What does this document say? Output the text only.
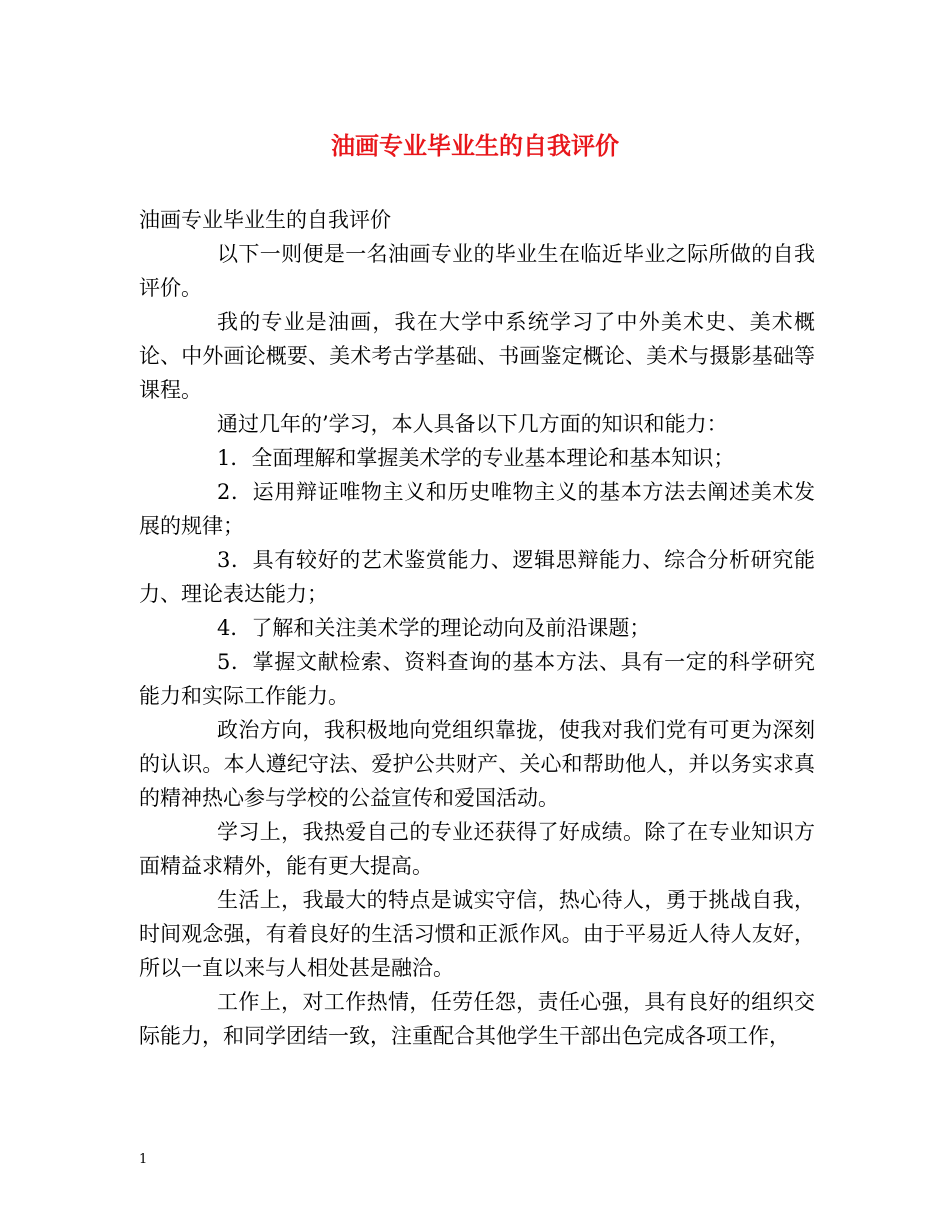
油画专业毕业生的自我评价

油画专业毕业生的自我评价

以下一则便是一名油画专业的毕业生在临近毕业之际所做的自我评价。

我的专业是油画，我在大学中系统学习了中外美术史、美术概论、中外画论概要、美术考古学基础、书画鉴定概论、美术与摄影基础等课程。

通过几年的’学习，本人具备以下几方面的知识和能力：

1．全面理解和掌握美术学的专业基本理论和基本知识；

2．运用辩证唯物主义和历史唯物主义的基本方法去阐述美术发展的规律；

3．具有较好的艺术鉴赏能力、逻辑思辩能力、综合分析研究能力、理论表达能力；

4．了解和关注美术学的理论动向及前沿课题；

5．掌握文献检索、资料查询的基本方法、具有一定的科学研究能力和实际工作能力。

政治方向，我积极地向党组织靠拢，使我对我们党有可更为深刻的认识。本人遵纪守法、爱护公共财产、关心和帮助他人，并以务实求真的精神热心参与学校的公益宣传和爱国活动。

学习上，我热爱自己的专业还获得了好成绩。除了在专业知识方面精益求精外，能有更大提高。

生活上，我最大的特点是诚实守信，热心待人，勇于挑战自我，时间观念强，有着良好的生活习惯和正派作风。由于平易近人待人友好，所以一直以来与人相处甚是融洽。

工作上，对工作热情，任劳任怨，责任心强，具有良好的组织交际能力，和同学团结一致，注重配合其他学生干部出色完成各项工作，

1
